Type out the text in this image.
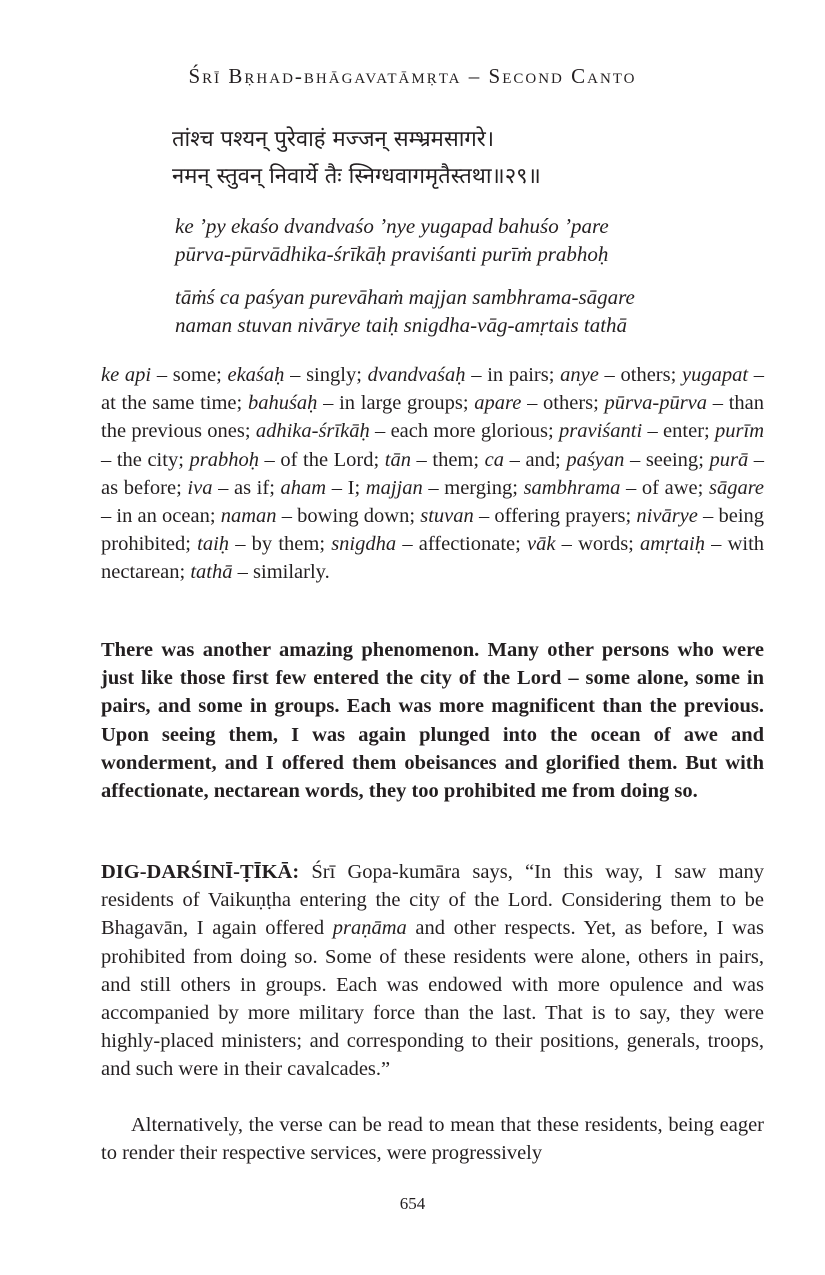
Śrī Bṛhad-bhāgavatāmṛta – Second Canto
तांश्च पश्यन् पुरेवाहं मज्जन् सम्भ्रमसागरे।
नमन् स्तुवन् निवार्ये तैः स्निग्धवागमृतैस्तथा॥२९॥
ke ’py ekaśo dvandvaśo ’nye yugapad bahuśo ’pare
pūrva-pūrvādhika-śrīkāḥ praviśanti purīṁ prabhoḥ
tāṁś ca paśyan purevāhaṁ majjan sambhrama-sāgare
naman stuvan nivārye taiḥ snigdha-vāg-amṛtais tathā
ke api – some; ekaśaḥ – singly; dvandvaśaḥ – in pairs; anye – others; yugapat – at the same time; bahuśaḥ – in large groups; apare – others; pūrva-pūrva – than the previous ones; adhika-śrīkāḥ – each more glorious; praviśanti – enter; purīm – the city; prabhoḥ – of the Lord; tān – them; ca – and; paśyan – seeing; purā – as before; iva – as if; aham – I; majjan – merging; sambhrama – of awe; sāgare – in an ocean; naman – bowing down; stuvan – offering prayers; nivārye – being prohibited; taiḥ – by them; snigdha – affectionate; vāk – words; amṛtaiḥ – with nectarean; tathā – similarly.
There was another amazing phenomenon. Many other persons who were just like those first few entered the city of the Lord – some alone, some in pairs, and some in groups. Each was more magnificent than the previous. Upon seeing them, I was again plunged into the ocean of awe and wonderment, and I offered them obeisances and glorified them. But with affectionate, nectarean words, they too prohibited me from doing so.
DIG-DARŚINĪ-ṬĪKĀ: Śrī Gopa-kumāra says, “In this way, I saw many residents of Vaikuṇṭha entering the city of the Lord. Considering them to be Bhagavān, I again offered praṇāma and other respects. Yet, as before, I was prohibited from doing so. Some of these residents were alone, others in pairs, and still others in groups. Each was endowed with more opulence and was accompanied by more military force than the last. That is to say, they were highly-placed ministers; and corresponding to their positions, generals, troops, and such were in their cavalcades.”
Alternatively, the verse can be read to mean that these residents, being eager to render their respective services, were progressively
654
